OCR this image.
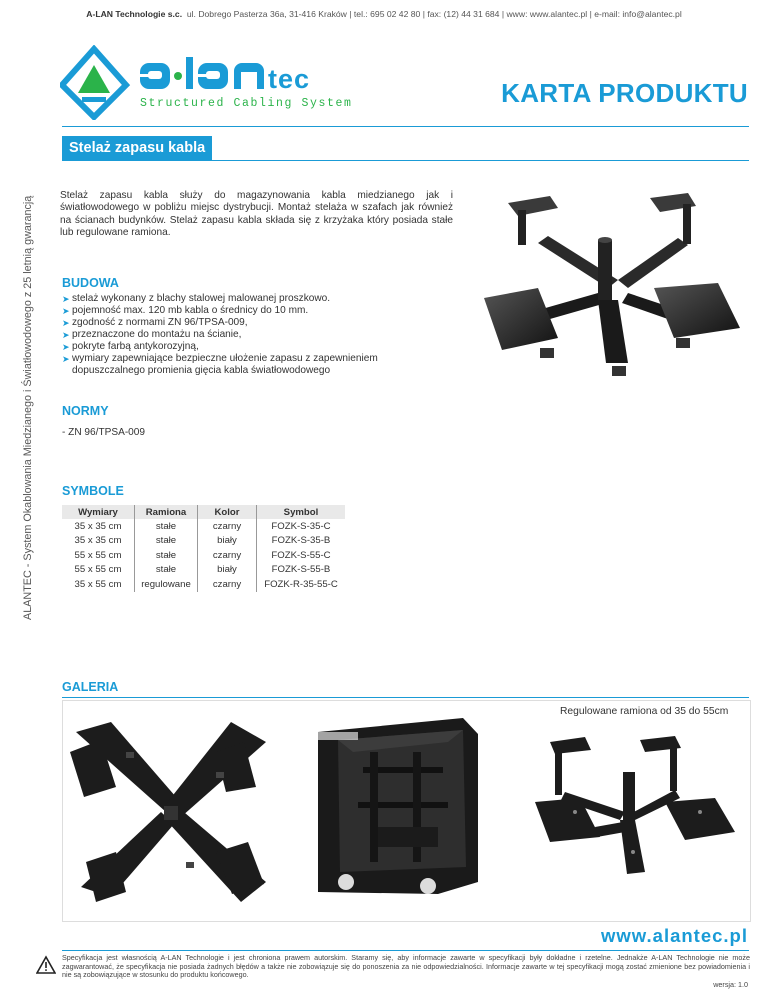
A-LAN Technologie s.c. ul. Dobrego Pasterza 36a, 31-416 Kraków | tel.: 695 02 42 80 | fax: (12) 44 31 684 | www: www.alantec.pl | e-mail: info@alantec.pl
ALANTEC - System Okablowania Miedzianego i Światłowodowego z 25 letnią gwarancją
tec
Structured Cabling System	KARTA PRODUKTU
Stelaż zapasu kabla
Stelaż zapasu kabla służy do magazynowania kabla miedzianego jak i światłowodowego w pobliżu miejsc dystrybucji. Montaż stelaża w szafach jak również na ścianach budynków. Stelaż zapasu kabla składa się z krzyżaka który posiada stałe lub regulowane ramiona.
BUDOWA
➤ stelaż wykonany z blachy stalowej malowanej proszkowo.
➤ pojemność max. 120 mb kabla o średnicy do 10 mm.
➤ zgodność z normami ZN 96/TPSA-009,
➤ przeznaczone do montażu na ścianie,
➤ pokryte farbą antykorozyjną,
➤ wymiary zapewniające bezpieczne ułożenie zapasu z zapewnieniem
dopuszczalnego promienia gięcia kabla światłowodowego
NORMY
- ZN 96/TPSA-009
SYMBOLE
Wymiary	Ramiona	Kolor	Symbol
35 x 35 cm	stałe	czarny	FOZK-S-35-C
35 x 35 cm	stałe	biały	FOZK-S-35-B
55 x 55 cm	stałe	czarny	FOZK-S-55-C
55 x 55 cm	stałe	biały	FOZK-S-55-B
35 x 55 cm	regulowane	czarny	FOZK-R-35-55-C
GALERIA
Regulowane ramiona od 35 do 55cm
www.alantec.pl
Specyfikacja jest własnością A-LAN Technologie i jest chroniona prawem autorskim. Staramy się, aby informacje zawarte w specyfikacji były dokładne i rzetelne. Jednakże A-LAN Technologie nie może zagwarantować, że specyfikacja nie posiada żadnych błędów a także nie zobowiązuje się do ponoszenia za nie odpowiedzialności. Informacje zawarte w tej specyfikacji mogą zostać zmienione bez powiadomienia i nie są zobowiązujące w stosunku do produktu końcowego.
wersja: 1.0
